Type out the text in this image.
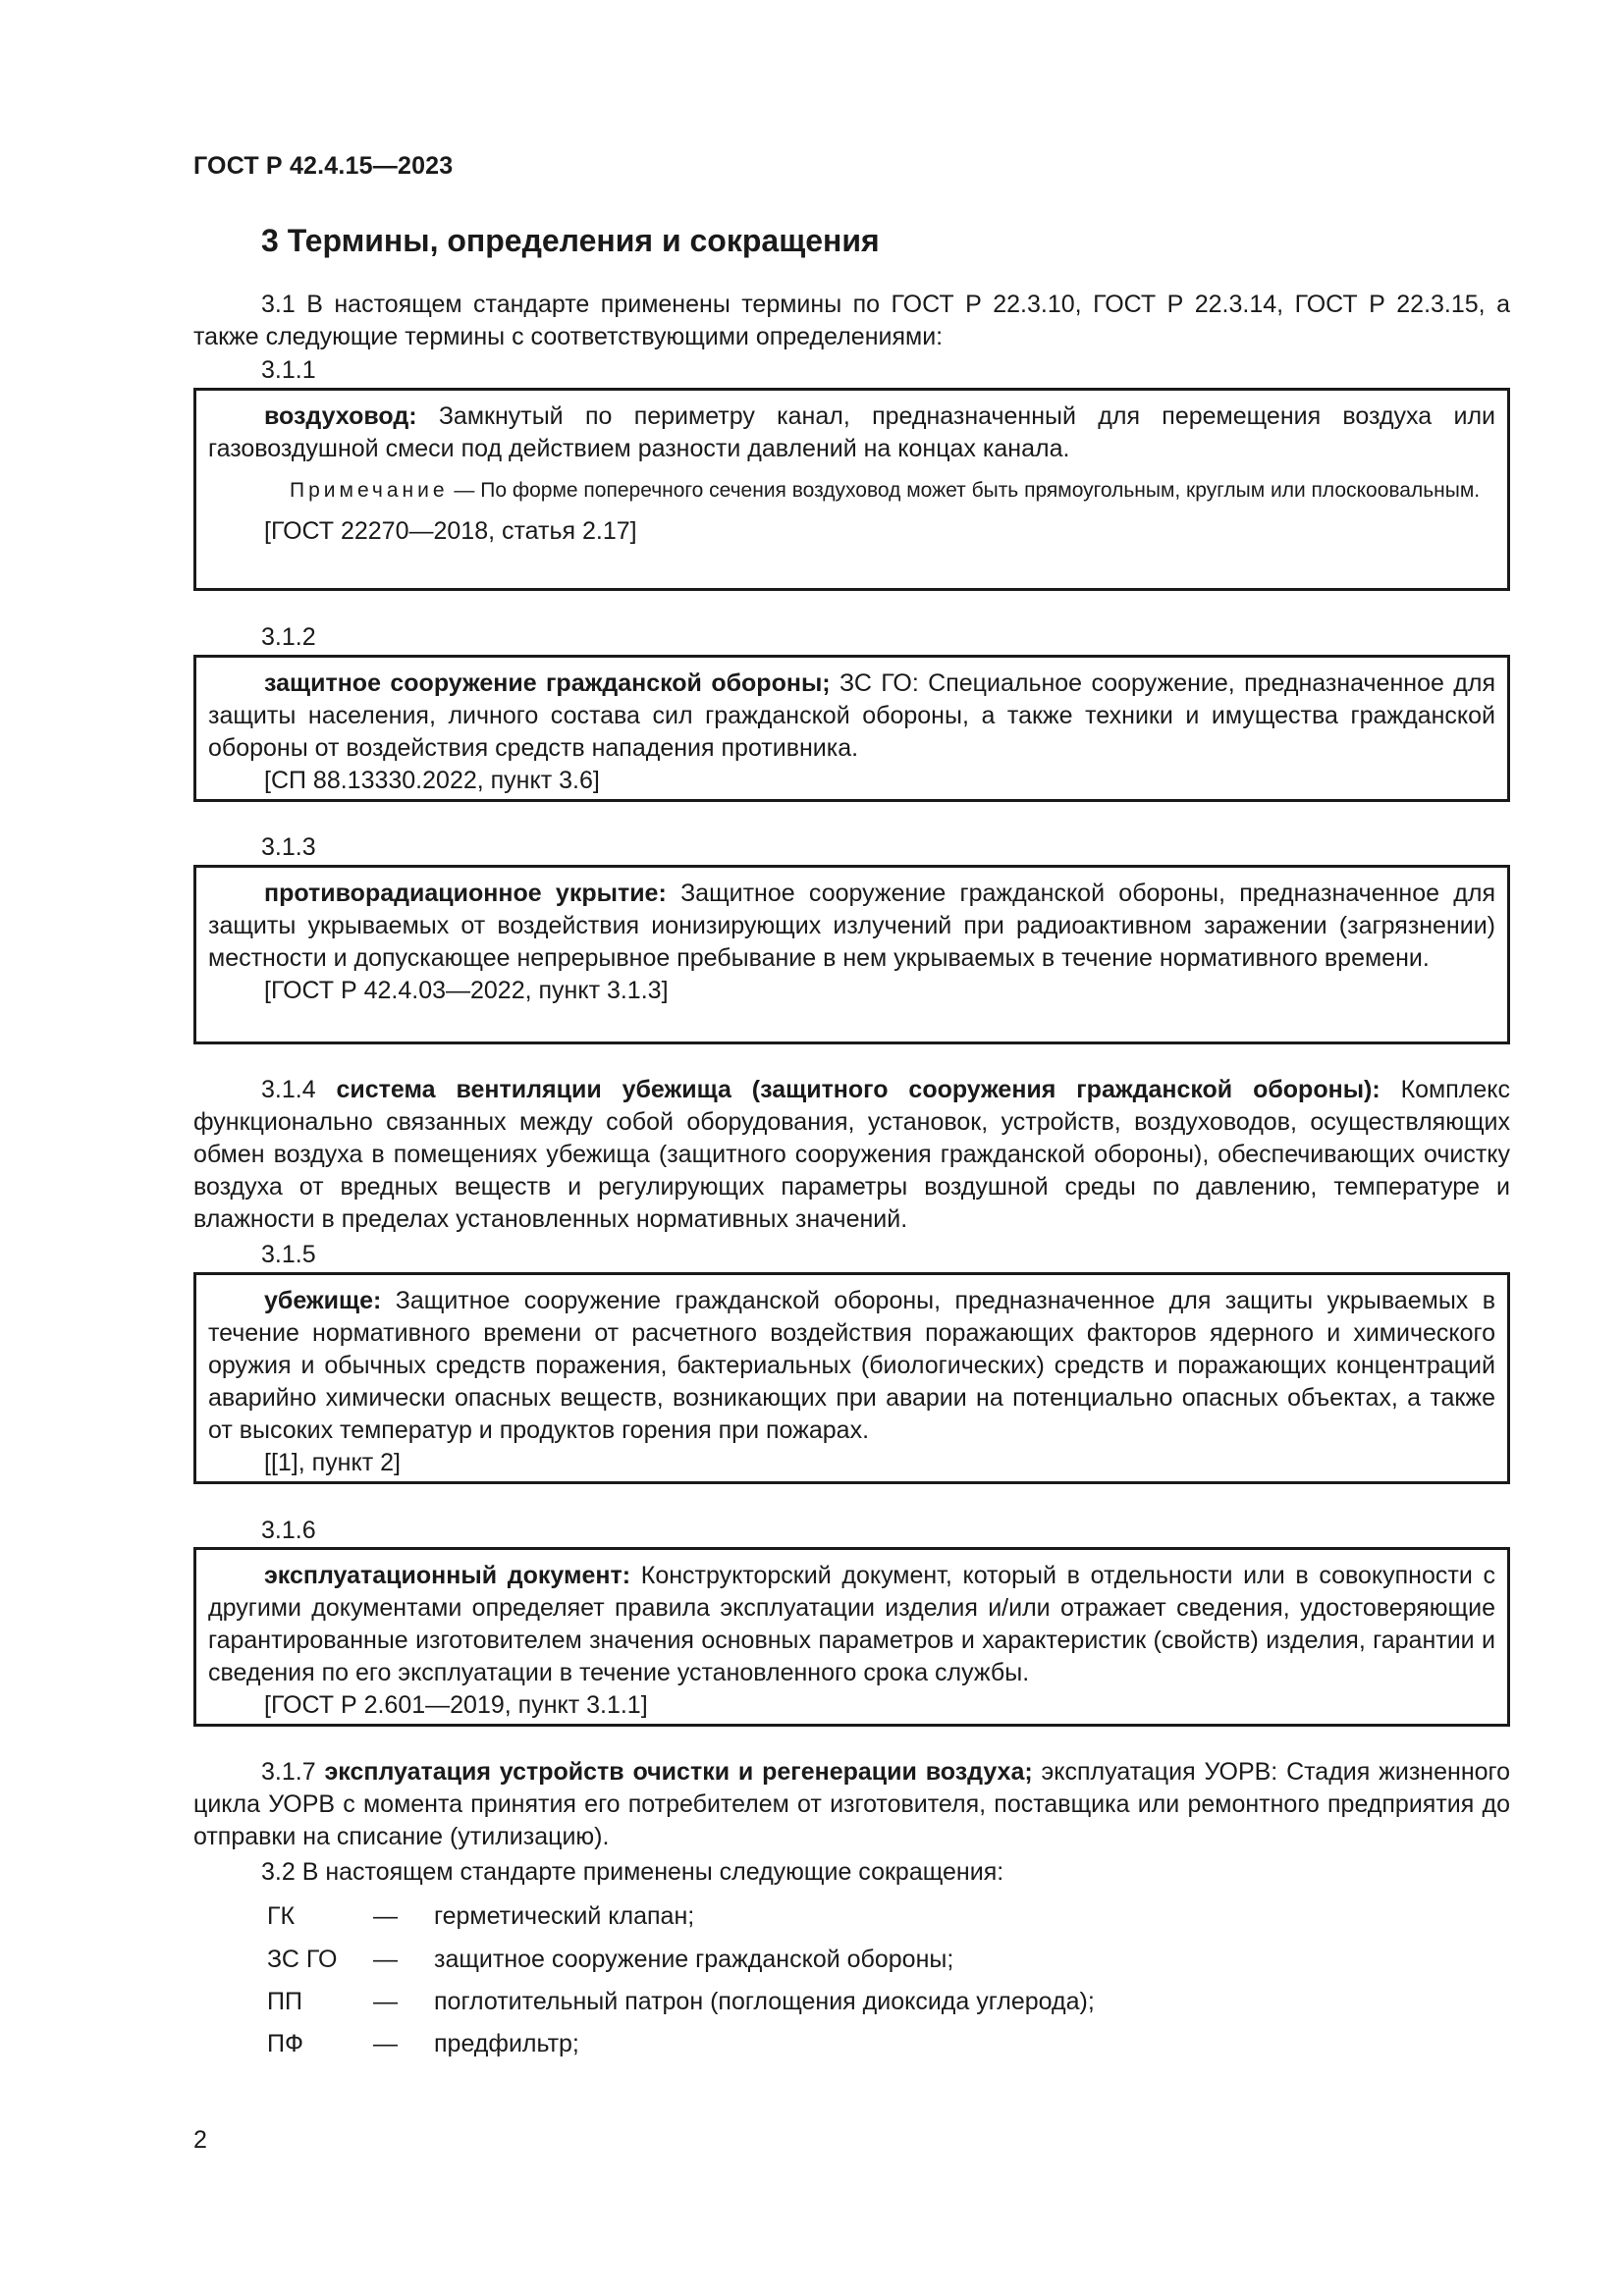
ГОСТ Р 42.4.15—2023
3 Термины, определения и сокращения
3.1 В настоящем стандарте применены термины по ГОСТ Р 22.3.10, ГОСТ Р 22.3.14, ГОСТ Р 22.3.15, а также следующие термины с соответствующими определениями:
3.1.1

воздуховод: Замкнутый по периметру канал, предназначенный для перемещения воздуха или газовоздушной смеси под действием разности давлений на концах канала.

Примечание — По форме поперечного сечения воздуховод может быть прямоугольным, круглым или плоскоовальным.

[ГОСТ 22270—2018, статья 2.17]

3.1.2

защитное сооружение гражданской обороны; ЗС ГО: Специальное сооружение, предназначенное для защиты населения, личного состава сил гражданской обороны, а также техники и имущества гражданской обороны от воздействия средств нападения противника.

[СП 88.13330.2022, пункт 3.6]

3.1.3

противорадиационное укрытие: Защитное сооружение гражданской обороны, предназначенное для защиты укрываемых от воздействия ионизирующих излучений при радиоактивном заражении (загрязнении) местности и допускающее непрерывное пребывание в нем укрываемых в течение нормативного времени.

[ГОСТ Р 42.4.03—2022, пункт 3.1.3]

3.1.4 система вентиляции убежища (защитного сооружения гражданской обороны): Комплекс функционально связанных между собой оборудования, установок, устройств, воздуховодов, осуществляющих обмен воздуха в помещениях убежища (защитного сооружения гражданской обороны), обеспечивающих очистку воздуха от вредных веществ и регулирующих параметры воздушной среды по давлению, температуре и влажности в пределах установленных нормативных значений.
3.1.5

убежище: Защитное сооружение гражданской обороны, предназначенное для защиты укрываемых в течение нормативного времени от расчетного воздействия поражающих факторов ядерного и химического оружия и обычных средств поражения, бактериальных (биологических) средств и поражающих концентраций аварийно химически опасных веществ, возникающих при аварии на потенциально опасных объектах, а также от высоких температур и продуктов горения при пожарах.

[[1], пункт 2]

3.1.6

эксплуатационный документ: Конструкторский документ, который в отдельности или в совокупности с другими документами определяет правила эксплуатации изделия и/или отражает сведения, удостоверяющие гарантированные изготовителем значения основных параметров и характеристик (свойств) изделия, гарантии и сведения по его эксплуатации в течение установленного срока службы.

[ГОСТ Р 2.601—2019, пункт 3.1.1]

3.1.7 эксплуатация устройств очистки и регенерации воздуха; эксплуатация УОРВ: Стадия жизненного цикла УОРВ с момента принятия его потребителем от изготовителя, поставщика или ремонтного предприятия до отправки на списание (утилизацию).
3.2 В настоящем стандарте применены следующие сокращения:
ГК	— герметический клапан;
ЗС ГО — защитное сооружение гражданской обороны;
ПП	— поглотительный патрон (поглощения диоксида углерода);
ПФ	— предфильтр;
2
